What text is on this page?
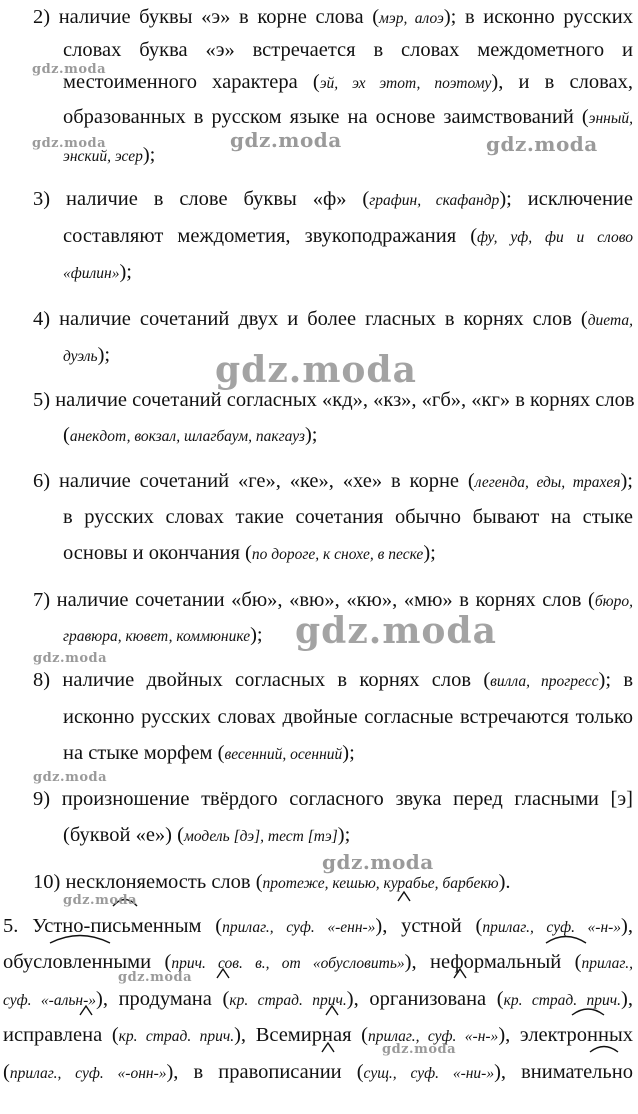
2) наличие буквы «э» в корне слова (мэр, алоэ); в исконно русских
словах буква «э» встречается в словах междометного и
местоименного характера (эй, эх этот, поэтому), и в словах,
образованных в русском языке на основе заимствований (энный,
энский, эсер);
3) наличие в слове буквы «ф» (графин, скафандр); исключение
составляют междометия, звукоподражания (фу, уф, фи и слово
«филин»);
4) наличие сочетаний двух и более гласных в корнях слов (диета,
дуэль);
5) наличие сочетаний согласных «кд», «кз», «гб», «кг» в корнях слов
(анекдот, вокзал, шлагбаум, пакгауз);
6) наличие сочетаний «ге», «ке», «хе» в корне (легенда, еды, трахея);
в русских словах такие сочетания обычно бывают на стыке
основы и окончания (по дороге, к снохе, в песке);
7) наличие сочетании «бю», «вю», «кю», «мю» в корнях слов (бюро,
гравюра, кювет, коммюнике);
8) наличие двойных согласных в корнях слов (вилла, прогресс); в
исконно русских словах двойные согласные встречаются только
на стыке морфем (весенний, осенний);
9) произношение твёрдого согласного звука перед гласными [э]
(буквой «е») (модель [дэ], тест [тэ]);
10) несклоняемость слов (протеже, кешью, курабье, барбекю).
5. Устно-письменным (прилаг., суф. «-енн-»), устной (прилаг., суф. «-н-»),
обусловленными (прич. сов. в., от «обусловить»), неформальный (прилаг.,
суф. «-альн-»), продумана (кр. страд. прич.), организована (кр. страд. прич.),
исправлена (кр. страд. прич.), Всемирная (прилаг., суф. «-н-»), электронных
(прилаг., суф. «-онн-»), в правописании (сущ., суф. «-ни-»), внимательно
gdz.moda
gdz.moda	gdz.moda	gdz.moda
gdz.moda
gdz.moda
gdz.moda
gdz.moda
gdz.moda
gdz.moda
gdz.moda
gdz.moda
